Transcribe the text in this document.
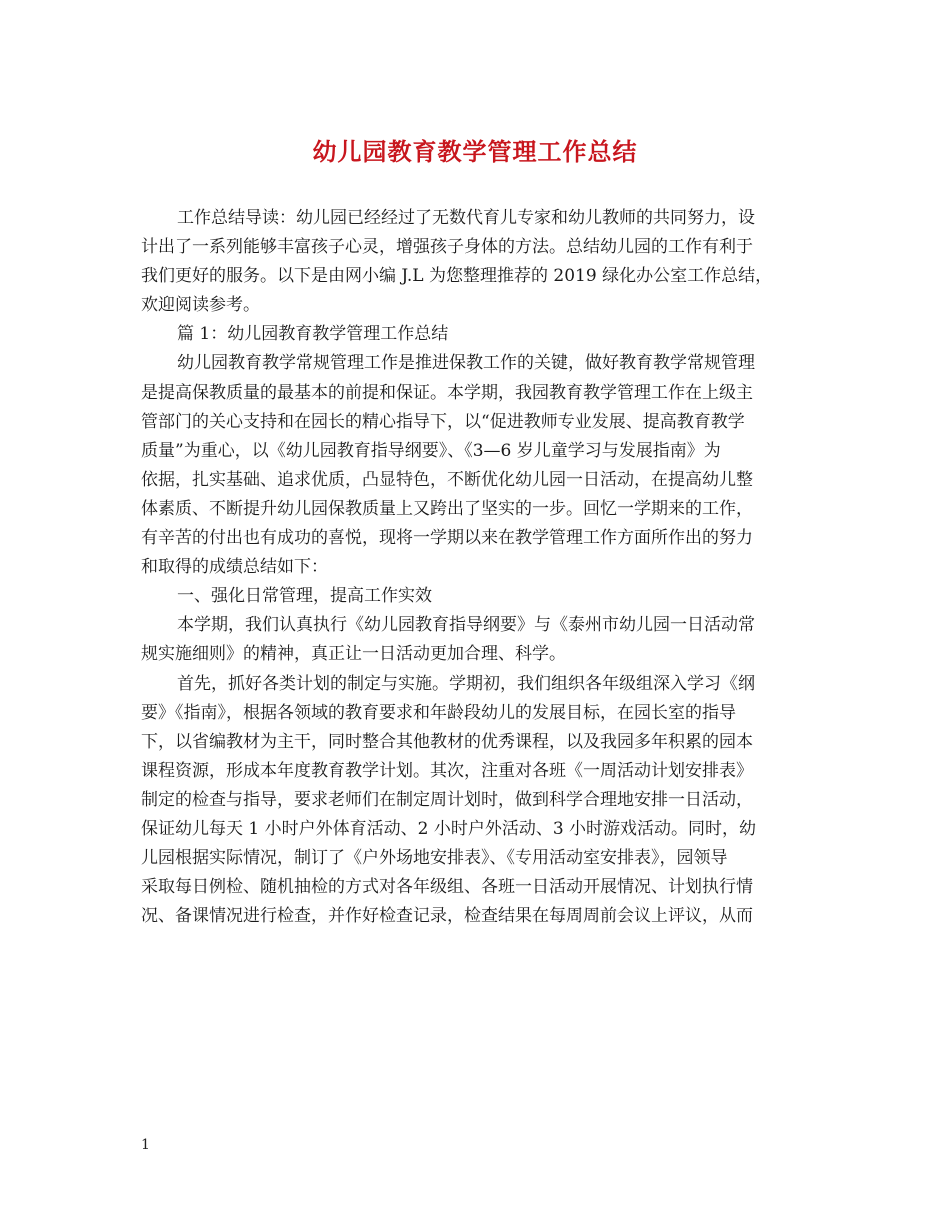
幼儿园教育教学管理工作总结
工作总结导读：幼儿园已经经过了无数代育儿专家和幼儿教师的共同努力，设
计出了一系列能够丰富孩子心灵，增强孩子身体的方法。总结幼儿园的工作有利于
我们更好的服务。以下是由网小编 J.L 为您整理推荐的 2019 绿化办公室工作总结，
欢迎阅读参考。
篇 1：幼儿园教育教学管理工作总结
幼儿园教育教学常规管理工作是推进保教工作的关键，做好教育教学常规管理
是提高保教质量的最基本的前提和保证。本学期，我园教育教学管理工作在上级主
管部门的关心支持和在园长的精心指导下，以“促进教师专业发展、提高教育教学
质量”为重心，以《幼儿园教育指导纲要》、《3—6 岁儿童学习与发展指南》为
依据，扎实基础、追求优质，凸显特色，不断优化幼儿园一日活动，在提高幼儿整
体素质、不断提升幼儿园保教质量上又跨出了坚实的一步。回忆一学期来的工作，
有辛苦的付出也有成功的喜悦，现将一学期以来在教学管理工作方面所作出的努力
和取得的成绩总结如下：
一、强化日常管理，提高工作实效
本学期，我们认真执行《幼儿园教育指导纲要》与《泰州市幼儿园一日活动常
规实施细则》的精神，真正让一日活动更加合理、科学。
首先，抓好各类计划的制定与实施。学期初，我们组织各年级组深入学习《纲
要》《指南》，根据各领域的教育要求和年龄段幼儿的发展目标，在园长室的指导
下，以省编教材为主干，同时整合其他教材的优秀课程，以及我园多年积累的园本
课程资源，形成本年度教育教学计划。其次，注重对各班《一周活动计划安排表》
制定的检查与指导，要求老师们在制定周计划时，做到科学合理地安排一日活动，
保证幼儿每天 1 小时户外体育活动、2 小时户外活动、3 小时游戏活动。同时，幼
儿园根据实际情况，制订了《户外场地安排表》、《专用活动室安排表》，园领导
采取每日例检、随机抽检的方式对各年级组、各班一日活动开展情况、计划执行情
况、备课情况进行检查，并作好检查记录，检查结果在每周周前会议上评议，从而
1
